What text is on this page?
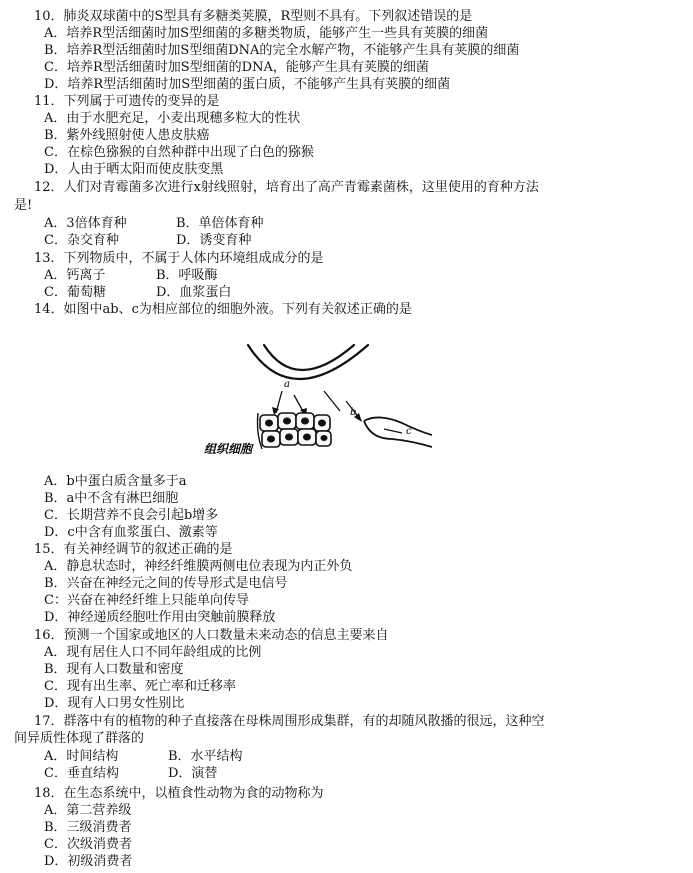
10．肺炎双球菌中的S型具有多糖类荚膜，R型则不具有。下列叙述错误的是
A．培养R型活细菌时加S型细菌的多糖类物质，能够产生一些具有荚膜的细菌
B．培养R型活细菌时加S型细菌DNA的完全水解产物，不能够产生具有荚膜的细菌
C．培养R型活细菌时加S型细菌的DNA，能够产生具有荚膜的细菌
D．培养R型活细菌时加S型细菌的蛋白质，不能够产生具有荚膜的细菌
11．下列属于可遗传的变异的是
A．由于水肥充足，小麦出现穗多粒大的性状
B．紫外线照射使人患皮肤癌
C．在棕色猕猴的自然种群中出现了白色的猕猴
D．人由于晒太阳而使皮肤变黑
12．人们对青霉菌多次进行x射线照射，培育出了高产青霉素菌株，这里使用的育种方法
是!
A．3倍体育种	B．单倍体育种
C．杂交育种	D．诱变育种
13．下列物质中，不属于人体内环境组成成分的是
A．钙离子	B．呼吸酶
C．葡萄糖	D．血浆蛋白
14．如图中ab、c为相应部位的细胞外液。下列有关叙述正确的是
a
b
c
组织细胞
A．b中蛋白质含量多于a
B．a中不含有淋巴细胞
C．长期营养不良会引起b增多
D．c中含有血浆蛋白、激素等
15．有关神经调节的叙述正确的是
A．静息状态时，神经纤维膜两侧电位表现为内正外负
B．兴奋在神经元之间的传导形式是电信号
C：兴奋在神经纤维上只能单向传导
D．神经递质经胞吐作用由突触前膜释放
16．预测一个国家或地区的人口数量未来动态的信息主要来自
A．现有居住人口不同年龄组成的比例
B．现有人口数量和密度
C．现有出生率、死亡率和迁移率
D．现有人口男女性别比
17．群落中有的植物的种子直接落在母株周围形成集群，有的却随风散播的很远，这种空
间异质性体现了群落的
A．时间结构	B．水平结构
C．垂直结构	D．演替
18．在生态系统中，以植食性动物为食的动物称为
A．第二营养级
B．三级消费者
C．次级消费者
D．初级消费者
